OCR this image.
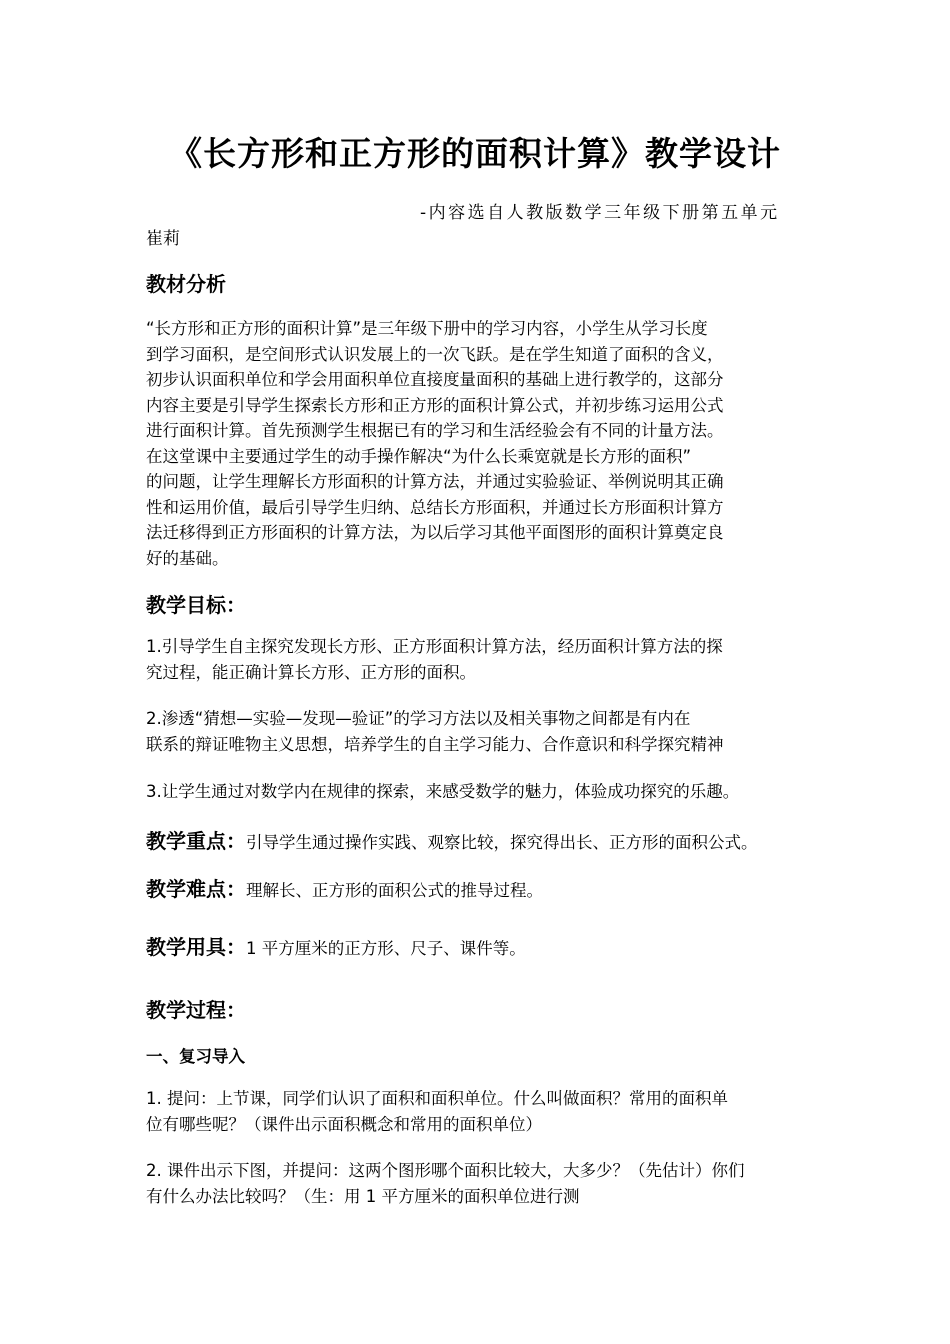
《长方形和正方形的面积计算》教学设计
-内容选自人教版数学三年级下册第五单元
崔莉
教材分析
“长方形和正方形的面积计算”是三年级下册中的学习内容，小学生从学习长度
到学习面积，是空间形式认识发展上的一次飞跃。是在学生知道了面积的含义，
初步认识面积单位和学会用面积单位直接度量面积的基础上进行教学的，这部分
内容主要是引导学生探索长方形和正方形的面积计算公式，并初步练习运用公式
进行面积计算。首先预测学生根据已有的学习和生活经验会有不同的计量方法。
在这堂课中主要通过学生的动手操作解决“为什么长乘宽就是长方形的面积”
的问题，让学生理解长方形面积的计算方法，并通过实验验证、举例说明其正确
性和运用价值，最后引导学生归纳、总结长方形面积，并通过长方形面积计算方
法迁移得到正方形面积的计算方法，为以后学习其他平面图形的面积计算奠定良
好的基础。
教学目标：
1.引导学生自主探究发现长方形、正方形面积计算方法，经历面积计算方法的探
究过程，能正确计算长方形、正方形的面积。
2.渗透“猜想—实验—发现—验证”的学习方法以及相关事物之间都是有内在
联系的辩证唯物主义思想，培养学生的自主学习能力、合作意识和科学探究精神
3.让学生通过对数学内在规律的探索，来感受数学的魅力，体验成功探究的乐趣。
教学重点：引导学生通过操作实践、观察比较，探究得出长、正方形的面积公式。
教学难点：理解长、正方形的面积公式的推导过程。
教学用具：1 平方厘米的正方形、尺子、课件等。
教学过程：
一、复习导入
1. 提问：上节课，同学们认识了面积和面积单位。什么叫做面积？常用的面积单
位有哪些呢？（课件出示面积概念和常用的面积单位）
2. 课件出示下图，并提问：这两个图形哪个面积比较大，大多少？（先估计）你们
有什么办法比较吗？（生：用 1 平方厘米的面积单位进行测
